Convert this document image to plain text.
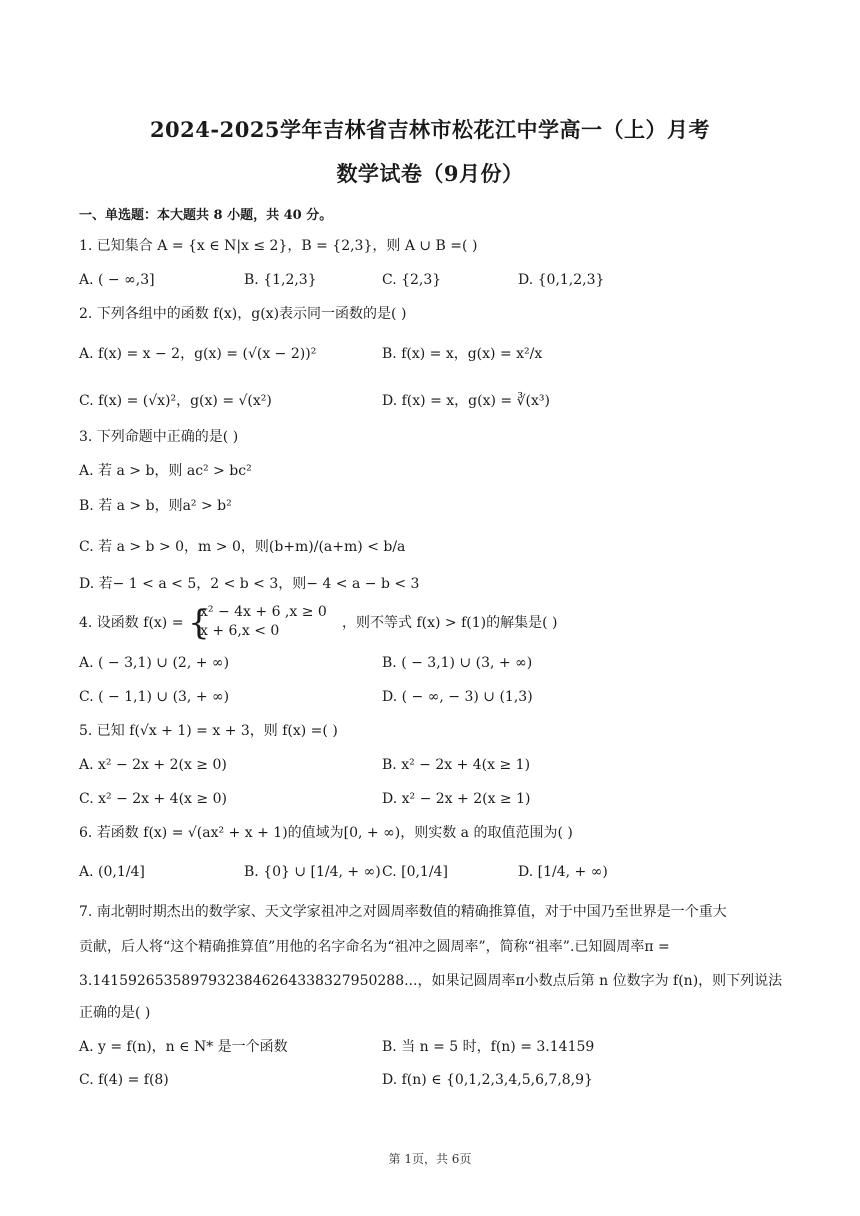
2024-2025学年吉林省吉林市松花江中学高一（上）月考
数学试卷（9月份）
一、单选题：本大题共 8 小题，共 40 分。
1. 已知集合 A = {x ∈ N|x ≤ 2}，B = {2,3}，则 A ∪ B =( )
A. ( − ∞,3]	B. {1,2,3}	C. {2,3}	D. {0,1,2,3}
2. 下列各组中的函数 f(x)，g(x)表示同一函数的是( )
A. f(x) = x − 2，g(x) = (√(x − 2))²	B. f(x) = x，g(x) = x²/x
C. f(x) = (√x)²，g(x) = √(x²)	D. f(x) = x，g(x) = ∛(x³)
3. 下列命题中正确的是( )
A. 若 a > b，则 ac² > bc²
B. 若 a > b，则a² > b²
C. 若 a > b > 0，m > 0，则(b+m)/(a+m) < b/a
D. 若− 1 < a < 5，2 < b < 3，则− 4 < a − b < 3
4. 设函数 f(x) = {
x² − 4x + 6 ,x ≥ 0
x + 6,x < 0	，则不等式 f(x) > f(1)的解集是( )
A. ( − 3,1) ∪ (2, + ∞)	B. ( − 3,1) ∪ (3, + ∞)
C. ( − 1,1) ∪ (3, + ∞)	D. ( − ∞, − 3) ∪ (1,3)
5. 已知 f(√x + 1) = x + 3，则 f(x) =( )
A. x² − 2x + 2(x ≥ 0)	B. x² − 2x + 4(x ≥ 1)
C. x² − 2x + 4(x ≥ 0)	D. x² − 2x + 2(x ≥ 1)
6. 若函数 f(x) = √(ax² + x + 1)的值域为[0, + ∞)，则实数 a 的取值范围为( )
A. (0,1/4]	B. {0} ∪ [1/4, + ∞) C. [0,1/4]	D. [1/4, + ∞)
7. 南北朝时期杰出的数学家、天文学家祖冲之对圆周率数值的精确推算值，对于中国乃至世界是一个重大
贡献，后人将“这个精确推算值”用他的名字命名为“祖冲之圆周率”，简称“祖率”.已知圆周率π =
3.1415926535897932384626433832795028​8...，如果记圆周率π小数点后第 n 位数字为 f(n)，则下列说法
正确的是( )
A. y = f(n)，n ∈ N* 是一个函数	B. 当 n = 5 时，f(n) = 3.14159
C. f(4) = f(8)	D. f(n) ∈ {0,1,2,3,4,5,6,7,8,9}
第 1页，共 6页
